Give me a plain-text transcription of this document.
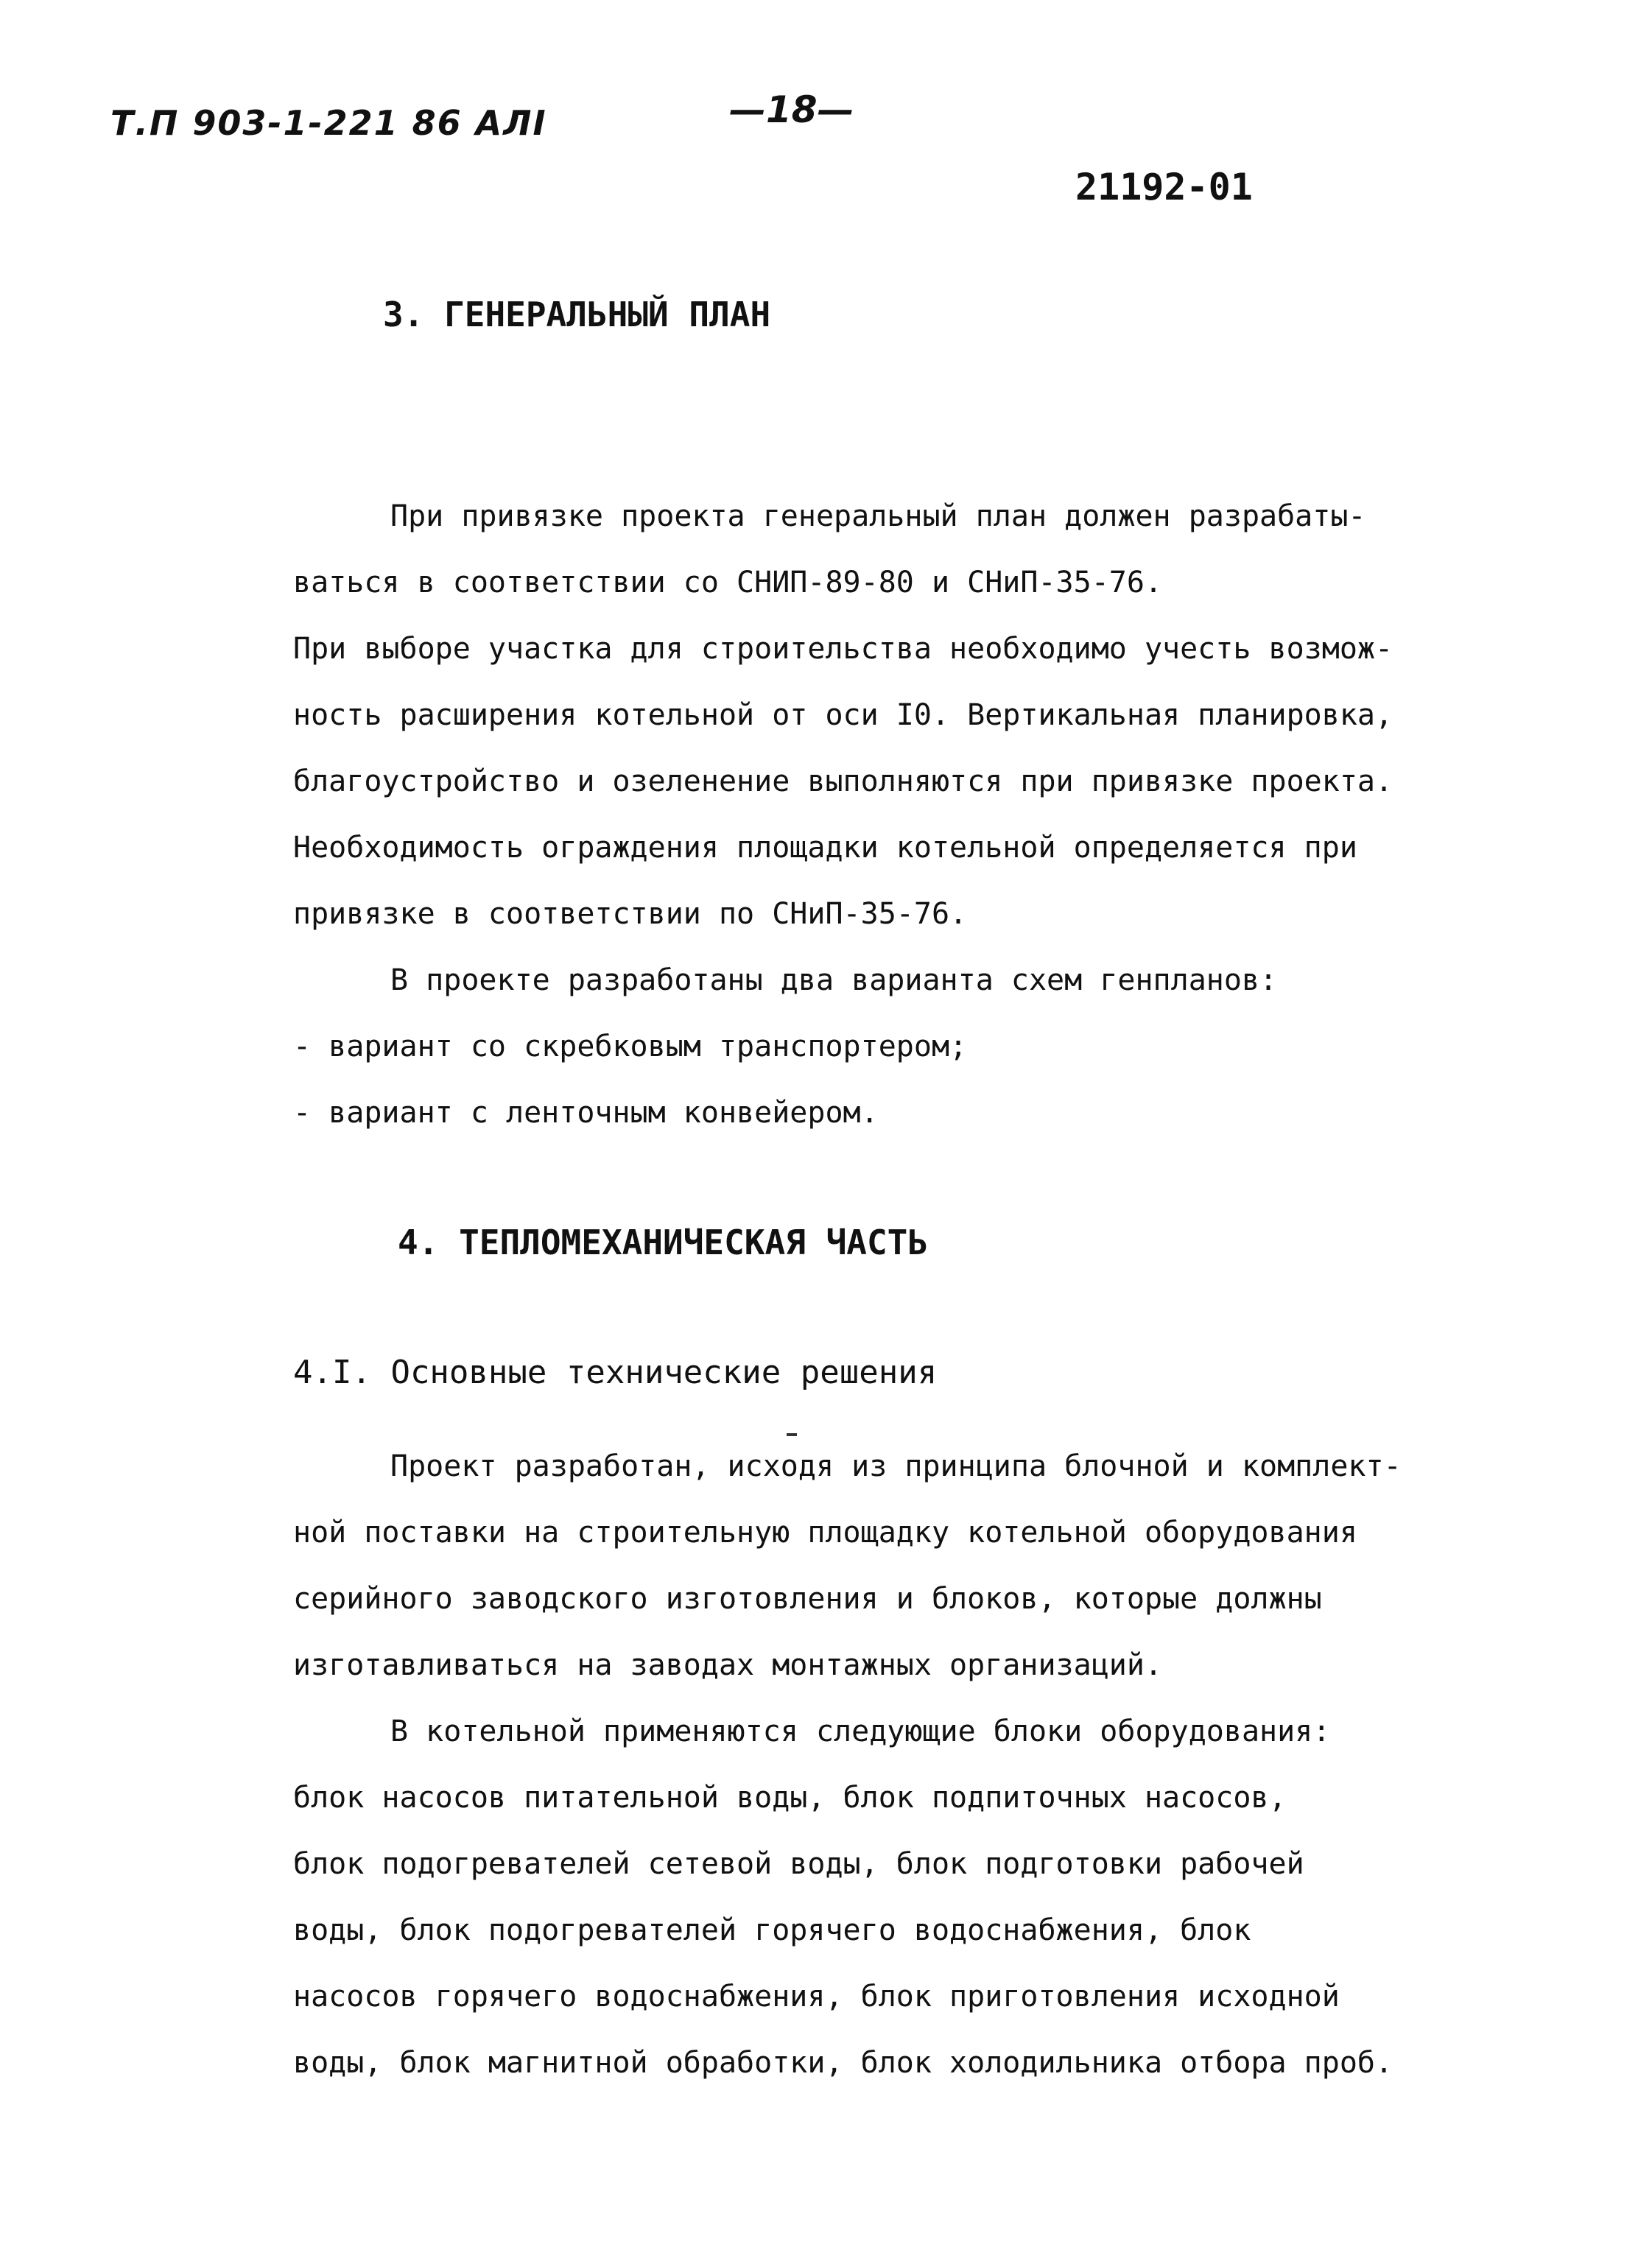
Т.П 903-1-221 86 АЛI	—18—
21192-01
3. ГЕНЕРАЛЬНЫЙ ПЛАН
При привязке проекта генеральный план должен разрабаты-
ваться в соответствии со СНИП-89-80 и СНиП-35-76.
При выборе участка для строительства необходимо учесть возмож-
ность расширения котельной от оси I0. Вертикальная планировка,
благоустройство и озеленение выполняются при привязке проекта.
Необходимость ограждения площадки котельной определяется при
привязке в соответствии по СНиП-35-76.
В проекте разработаны два варианта схем генпланов:
- вариант со скребковым транспортером;
- вариант с ленточным конвейером.
4. ТЕПЛОМЕХАНИЧЕСКАЯ ЧАСТЬ
4.I. Основные технические решения
Проект разработан, исходя из принципа блочной и комплект-
ной поставки на строительную площадку котельной оборудования
серийного заводского изготовления и блоков, которые должны
изготавливаться на заводах монтажных организаций.
В котельной применяются следующие блоки оборудования:
блок насосов питательной воды, блок подпиточных насосов,
блок подогревателей сетевой воды, блок подготовки рабочей
воды, блок подогревателей горячего водоснабжения, блок
насосов горячего водоснабжения, блок приготовления исходной
воды, блок магнитной обработки, блок холодильника отбора проб.
